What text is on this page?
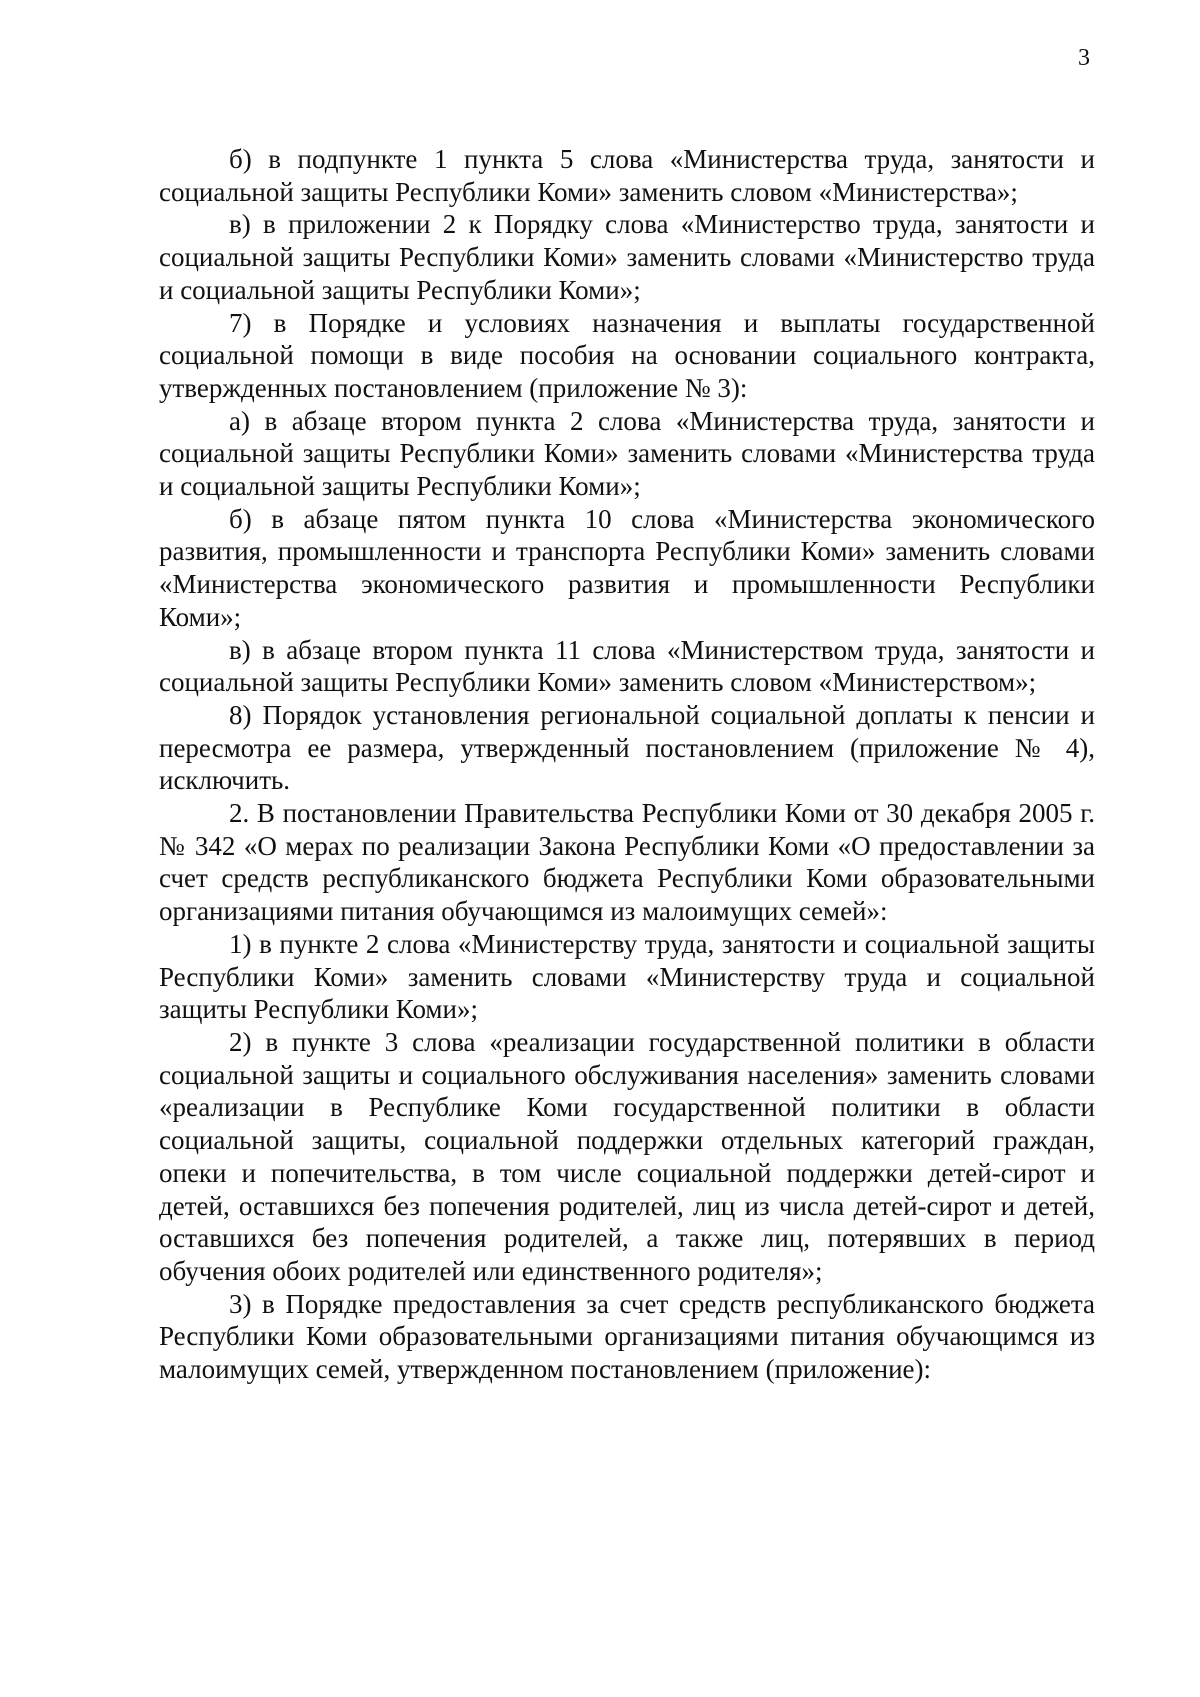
3

б) в подпункте 1 пункта 5 слова «Министерства труда, занятости и социальной защиты Республики Коми» заменить словом «Министерства»;

в) в приложении 2 к Порядку слова «Министерство труда, занятости и социальной защиты Республики Коми» заменить словами «Министерство труда и социальной защиты Республики Коми»;

7) в Порядке и условиях назначения и выплаты государственной социальной помощи в виде пособия на основании социального контракта, утвержденных постановлением (приложение № 3):

а) в абзаце втором пункта 2 слова «Министерства труда, занятости и социальной защиты Республики Коми» заменить словами «Министерства труда и социальной защиты Республики Коми»;

б) в абзаце пятом пункта 10 слова «Министерства экономического развития, промышленности и транспорта Республики Коми» заменить словами «Министерства экономического развития и промышленности Республики Коми»;

в) в абзаце втором пункта 11 слова «Министерством труда, занятости и социальной защиты Республики Коми» заменить словом «Министерством»;

8) Порядок установления региональной социальной доплаты к пенсии и пересмотра ее размера, утвержденный постановлением (приложение № 4), исключить.

2. В постановлении Правительства Республики Коми от 30 декабря 2005 г. № 342 «О мерах по реализации Закона Республики Коми «О предоставлении за счет средств республиканского бюджета Республики Коми образовательными организациями питания обучающимся из малоимущих семей»:

1) в пункте 2 слова «Министерству труда, занятости и социальной защиты Республики Коми» заменить словами «Министерству труда и социальной защиты Республики Коми»;

2) в пункте 3 слова «реализации государственной политики в области социальной защиты и социального обслуживания населения» заменить словами «реализации в Республике Коми государственной политики в области социальной защиты, социальной поддержки отдельных категорий граждан, опеки и попечительства, в том числе социальной поддержки детей-сирот и детей, оставшихся без попечения родителей, лиц из числа детей-сирот и детей, оставшихся без попечения родителей, а также лиц, потерявших в период обучения обоих родителей или единственного родителя»;

3) в Порядке предоставления за счет средств республиканского бюджета Республики Коми образовательными организациями питания обучающимся из малоимущих семей, утвержденном постановлением (приложение):
